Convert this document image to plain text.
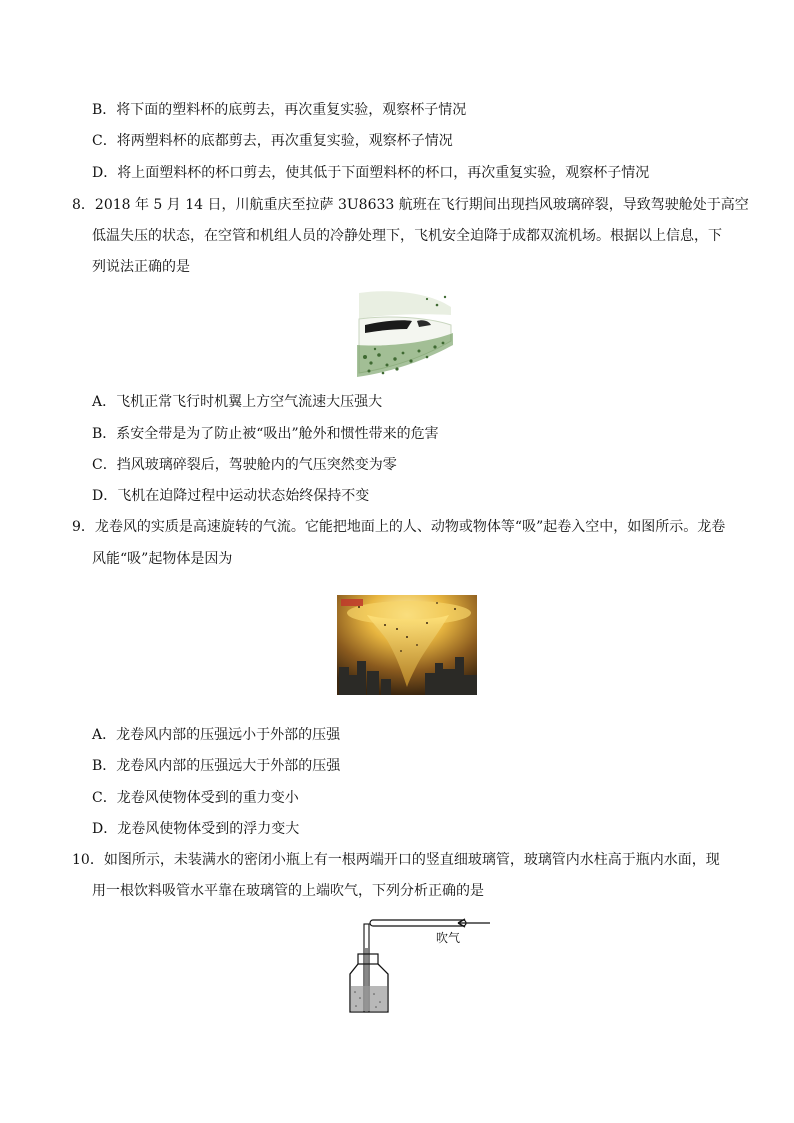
B．将下面的塑料杯的底剪去，再次重复实验，观察杯子情况
C．将两塑料杯的底都剪去，再次重复实验，观察杯子情况
D．将上面塑料杯的杯口剪去，使其低于下面塑料杯的杯口，再次重复实验，观察杯子情况
8．2018 年 5 月 14 日，川航重庆至拉萨 3U8633 航班在飞行期间出现挡风玻璃碎裂，导致驾驶舱处于高空
低温失压的状态，在空管和机组人员的冷静处理下，飞机安全迫降于成都双流机场。根据以上信息，下
列说法正确的是
A．飞机正常飞行时机翼上方空气流速大压强大
B．系安全带是为了防止被“吸出”舱外和惯性带来的危害
C．挡风玻璃碎裂后，驾驶舱内的气压突然变为零
D．飞机在迫降过程中运动状态始终保持不变
9．龙卷风的实质是高速旋转的气流。它能把地面上的人、动物或物体等“吸”起卷入空中，如图所示。龙卷
风能“吸”起物体是因为
A．龙卷风内部的压强远小于外部的压强
B．龙卷风内部的压强远大于外部的压强
C．龙卷风使物体受到的重力变小
D．龙卷风使物体受到的浮力变大
10．如图所示，未装满水的密闭小瓶上有一根两端开口的竖直细玻璃管，玻璃管内水柱高于瓶内水面，现
用一根饮料吸管水平靠在玻璃管的上端吹气，下列分析正确的是
吹气
